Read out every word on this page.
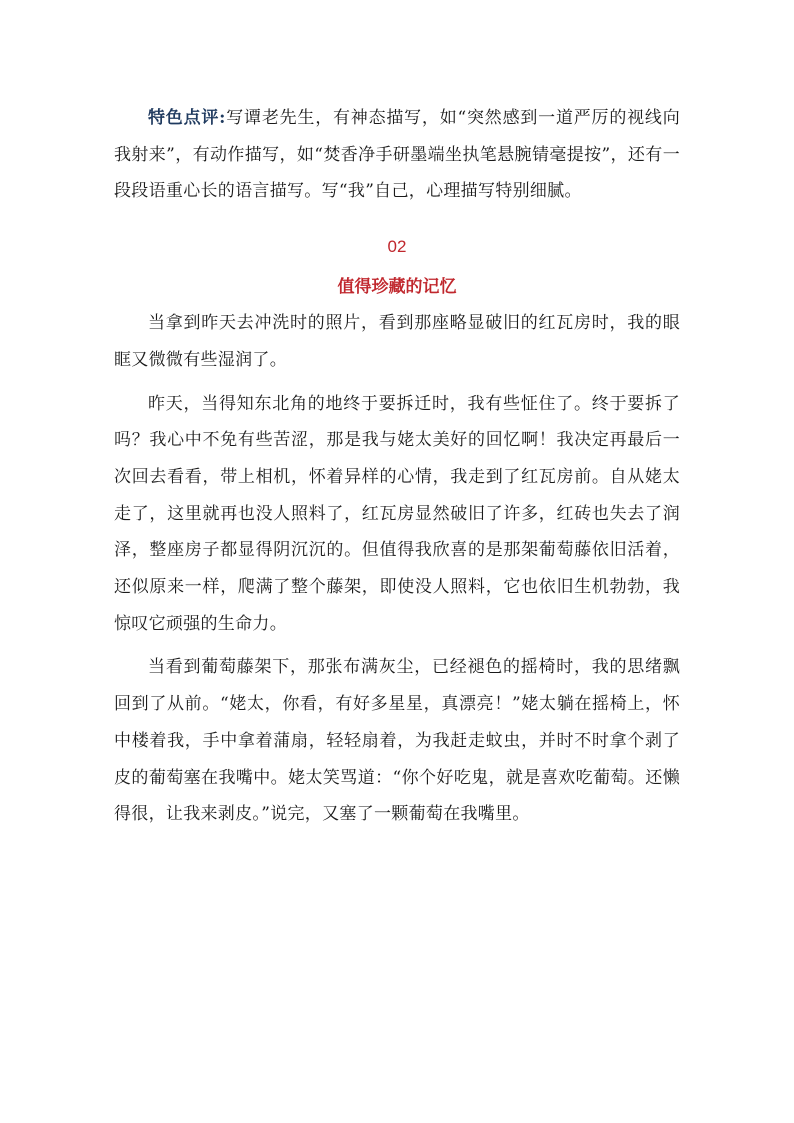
特色点评:写谭老先生，有神态描写，如“突然感到一道严厉的视线向我射来”，有动作描写，如“焚香净手研墨端坐执笔悬腕锖毫提按”，还有一段段语重心长的语言描写。写“我”自己，心理描写特别细腻。

02
值得珍藏的记忆

当拿到昨天去冲洗时的照片，看到那座略显破旧的红瓦房时，我的眼眶又微微有些湿润了。

昨天，当得知东北角的地终于要拆迁时，我有些怔住了。终于要拆了吗？我心中不免有些苦涩，那是我与姥太美好的回忆啊！我决定再最后一次回去看看，带上相机，怀着异样的心情，我走到了红瓦房前。自从姥太走了，这里就再也没人照料了，红瓦房显然破旧了许多，红砖也失去了润泽，整座房子都显得阴沉沉的。但值得我欣喜的是那架葡萄藤依旧活着，还似原来一样，爬满了整个藤架，即使没人照料，它也依旧生机勃勃，我惊叹它顽强的生命力。

当看到葡萄藤架下，那张布满灰尘，已经褪色的摇椅时，我的思绪飘回到了从前。“姥太，你看，有好多星星，真漂亮！”姥太躺在摇椅上，怀中楼着我，手中拿着蒲扇，轻轻扇着，为我赶走蚊虫，并时不时拿个剥了皮的葡萄塞在我嘴中。姥太笑骂道：“你个好吃鬼，就是喜欢吃葡萄。还懒得很，让我来剥皮。”说完，又塞了一颗葡萄在我嘴里。
